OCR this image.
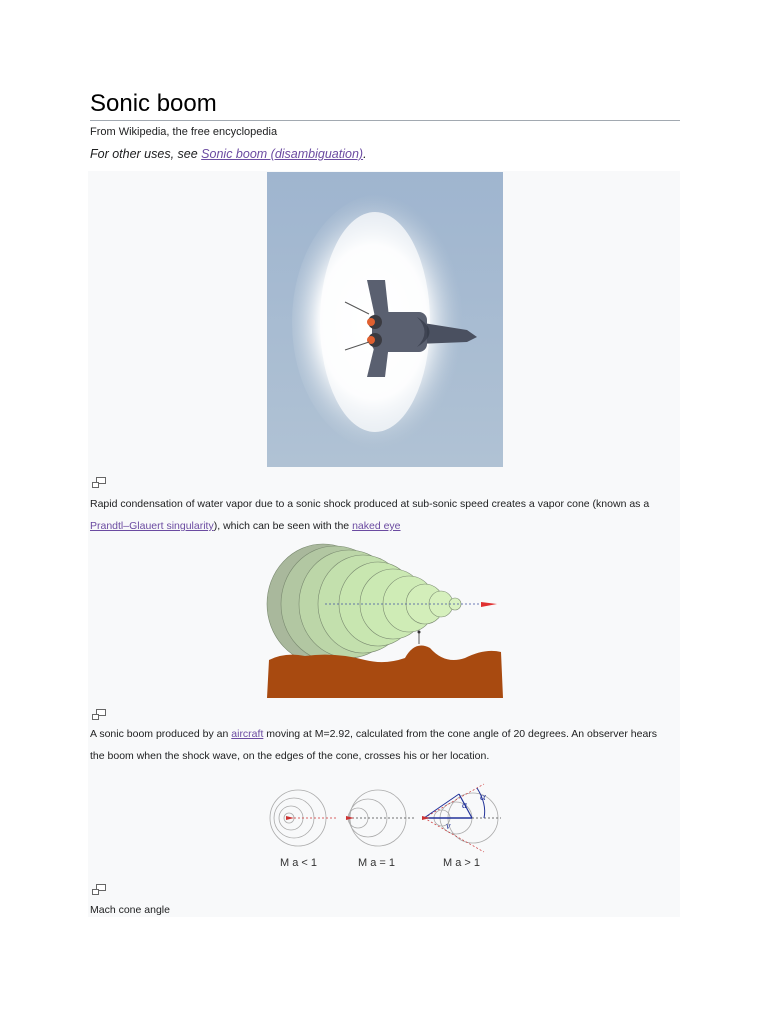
Sonic boom
From Wikipedia, the free encyclopedia
For other uses, see Sonic boom (disambiguation).
Rapid condensation of water vapor due to a sonic shock produced at sub-sonic speed creates a vapor cone (known as a Prandtl–Glauert singularity), which can be seen with the naked eye
A sonic boom produced by an aircraft moving at M=2.92, calculated from the cone angle of 20 degrees. An observer hears the boom when the shock wave, on the edges of the cone, crosses his or her location.
α
a
v
M a < 1	M a = 1	M a > 1
Mach cone angle
